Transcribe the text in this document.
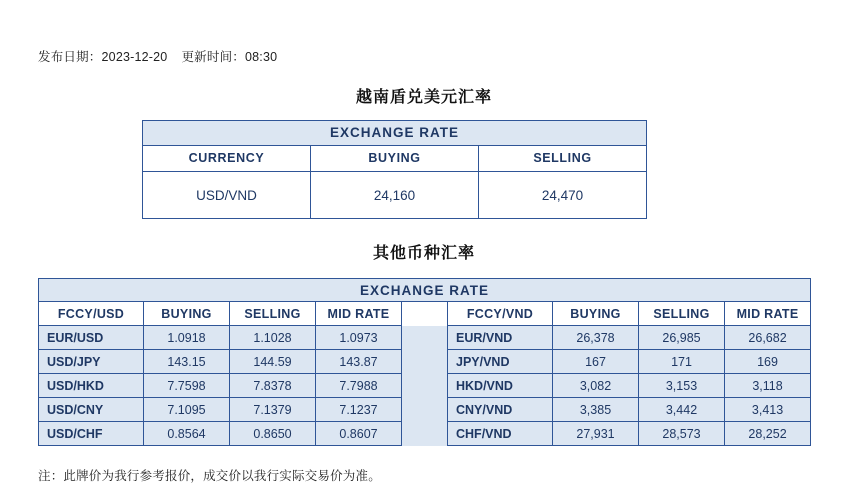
发布日期：2023-12-20 更新时间：08:30
越南盾兑美元汇率
EXCHANGE RATE		
CURRENCY	BUYING	SELLING
USD/VND	24,160	24,470
其他币种汇率
EXCHANGE RATE								
FCCY/USD	BUYING	SELLING	MID RATE		FCCY/VND	BUYING	SELLING	MID RATE
EUR/USD	1.0918	1.1028	1.0973		EUR/VND	26,378	26,985	26,682
USD/JPY	143.15	144.59	143.87		JPY/VND	167	171	169
USD/HKD	7.7598	7.8378	7.7988		HKD/VND	3,082	3,153	3,118
USD/CNY	7.1095	7.1379	7.1237		CNY/VND	3,385	3,442	3,413
USD/CHF	0.8564	0.8650	0.8607		CHF/VND	27,931	28,573	28,252
注：此牌价为我行参考报价，成交价以我行实际交易价为准。
